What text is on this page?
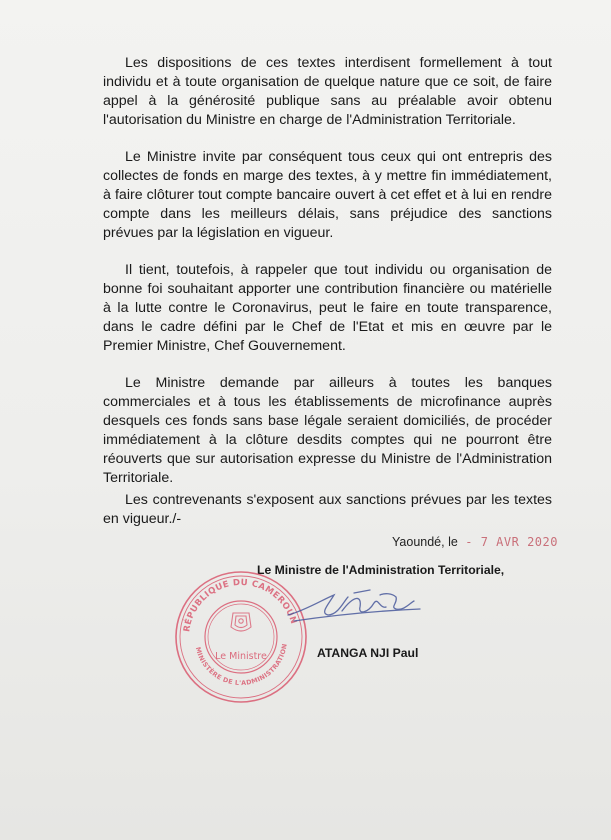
Les dispositions de ces textes interdisent formellement à tout individu et à toute organisation de quelque nature que ce soit, de faire appel à la générosité publique sans au préalable avoir obtenu l'autorisation du Ministre en charge de l'Administration Territoriale.

Le Ministre invite par conséquent tous ceux qui ont entrepris des collectes de fonds en marge des textes, à y mettre fin immédiatement, à faire clôturer tout compte bancaire ouvert à cet effet et à lui en rendre compte dans les meilleurs délais, sans préjudice des sanctions prévues par la législation en vigueur.

Il tient, toutefois, à rappeler que tout individu ou organisation de bonne foi souhaitant apporter une contribution financière ou matérielle à la lutte contre le Coronavirus, peut le faire en toute transparence, dans le cadre défini par le Chef de l'Etat et mis en œuvre par le Premier Ministre, Chef Gouvernement.

Le Ministre demande par ailleurs à toutes les banques commerciales et à tous les établissements de microfinance auprès desquels ces fonds sans base légale seraient domiciliés, de procéder immédiatement à la clôture desdits comptes qui ne pourront être réouverts que sur autorisation expresse du Ministre de l'Administration Territoriale.

Les contrevenants s'exposent aux sanctions prévues par les textes en vigueur./-

Yaoundé, le - 7 AVR 2020
Le Ministre de l'Administration Territoriale,
RÉPUBLIQUE DU CAMEROUN
MINISTÈRE DE L'ADMINISTRATION
Le Ministre	ATANGA NJI Paul
